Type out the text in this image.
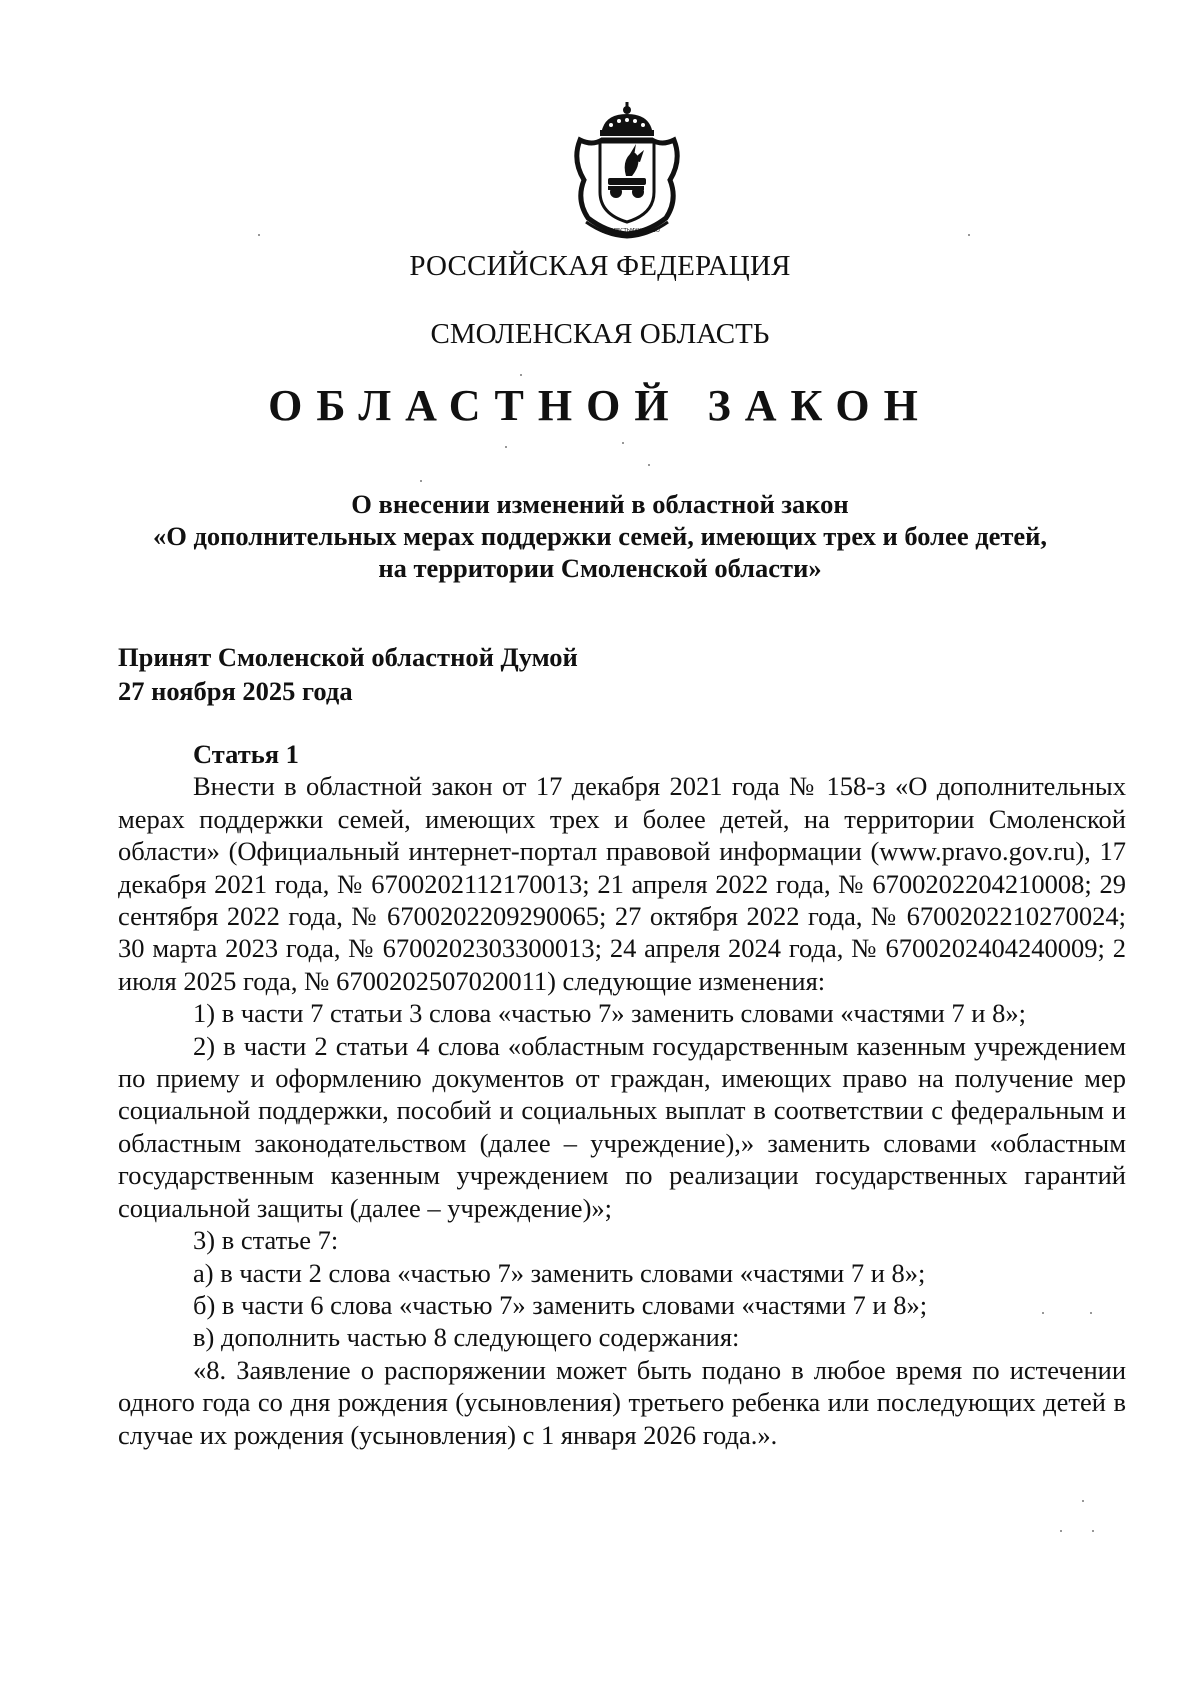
ДОБЛЕСТЬ МУЖЕСТВО
РОССИЙСКАЯ ФЕДЕРАЦИЯ
СМОЛЕНСКАЯ ОБЛАСТЬ
ОБЛАСТНОЙ ЗАКОН
О внесении изменений в областной закон
«О дополнительных мерах поддержки семей, имеющих трех и более детей,
на территории Смоленской области»
Принят Смоленской областной Думой
27 ноября 2025 года
Статья 1

Внести в областной закон от 17 декабря 2021 года № 158-з «О дополнительных мерах поддержки семей, имеющих трех и более детей, на территории Смоленской области» (Официальный интернет-портал правовой информации (www.pravo.gov.ru), 17 декабря 2021 года, № 6700202112170013; 21 апреля 2022 года, № 6700202204210008; 29 сентября 2022 года, № 6700202209290065; 27 октября 2022 года, № 6700202210270024; 30 марта 2023 года, № 6700202303300013; 24 апреля 2024 года, № 6700202404240009; 2 июля 2025 года, № 6700202507020011) следующие изменения:

1) в части 7 статьи 3 слова «частью 7» заменить словами «частями 7 и 8»;

2) в части 2 статьи 4 слова «областным государственным казенным учреждением по приему и оформлению документов от граждан, имеющих право на получение мер социальной поддержки, пособий и социальных выплат в соответствии с федеральным и областным законодательством (далее – учреждение),» заменить словами «областным государственным казенным учреждением по реализации государственных гарантий социальной защиты (далее – учреждение)»;

3) в статье 7:

а) в части 2 слова «частью 7» заменить словами «частями 7 и 8»;

б) в части 6 слова «частью 7» заменить словами «частями 7 и 8»;

в) дополнить частью 8 следующего содержания:

«8. Заявление о распоряжении может быть подано в любое время по истечении одного года со дня рождения (усыновления) третьего ребенка или последующих детей в случае их рождения (усыновления) с 1 января 2026 года.».
